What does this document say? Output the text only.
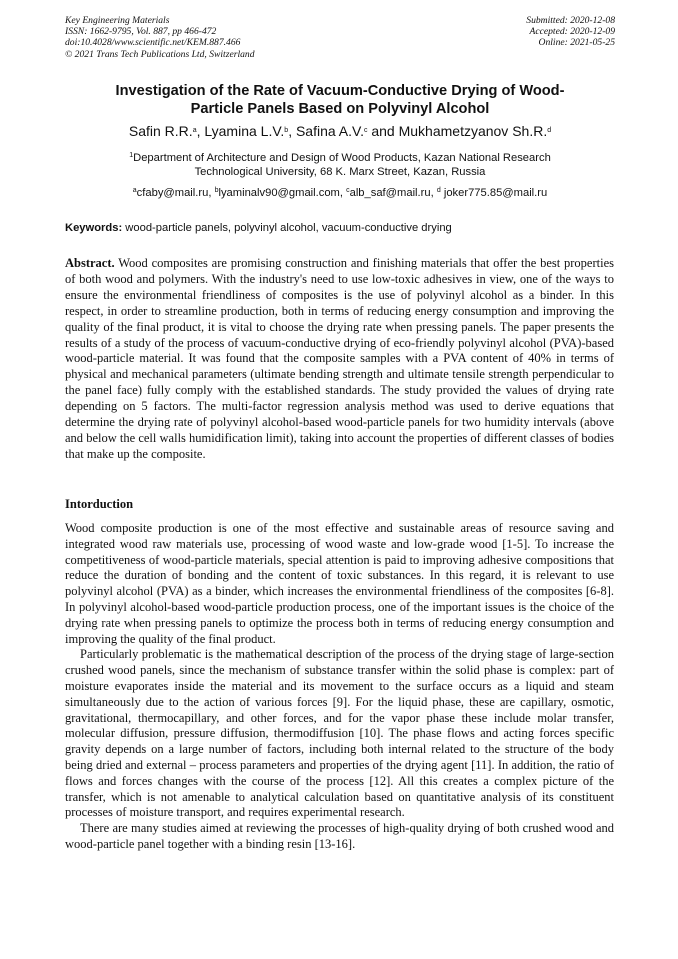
Key Engineering Materials
ISSN: 1662-9795, Vol. 887, pp 466-472
doi:10.4028/www.scientific.net/KEM.887.466
© 2021 Trans Tech Publications Ltd, Switzerland
Submitted: 2020-12-08
Accepted: 2020-12-09
Online: 2021-05-25
Investigation of the Rate of Vacuum-Conductive Drying of Wood-
Particle Panels Based on Polyvinyl Alcohol
Safin R.R.$^a$, Lyamina L.V.$^b$, Safina A.V.$^c$ and Mukhametzyanov Sh.R.$^d$
$^1$Department of Architecture and Design of Wood Products, Kazan National Research
Technological University, 68 K. Marx Street, Kazan, Russia
$^a$cfaby@mail.ru, $^b$lyaminalv90@gmail.com, $^c$alb_saf@mail.ru, $^d$ joker775.85@mail.ru
Keywords: wood-particle panels, polyvinyl alcohol, vacuum-conductive drying
Abstract. Wood composites are promising construction and finishing materials that offer the best properties of both wood and polymers. With the industry's need to use low-toxic adhesives in view, one of the ways to ensure the environmental friendliness of composites is the use of polyvinyl alcohol as a binder. In this respect, in order to streamline production, both in terms of reducing energy consumption and improving the quality of the final product, it is vital to choose the drying rate when pressing panels. The paper presents the results of a study of the process of vacuum-conductive drying of eco-friendly polyvinyl alcohol (PVA)-based wood-particle material. It was found that the composite samples with a PVA content of 40% in terms of physical and mechanical parameters (ultimate bending strength and ultimate tensile strength perpendicular to the panel face) fully comply with the established standards. The study provided the values of drying rate depending on 5 factors. The multi-factor regression analysis method was used to derive equations that determine the drying rate of polyvinyl alcohol-based wood-particle panels for two humidity intervals (above and below the cell walls humidification limit), taking into account the properties of different classes of bodies that make up the composite.
Intorduction

Wood composite production is one of the most effective and sustainable areas of resource saving and integrated wood raw materials use, processing of wood waste and low-grade wood [1-5]. To increase the competitiveness of wood-particle materials, special attention is paid to improving adhesive compositions that reduce the duration of bonding and the content of toxic substances. In this regard, it is relevant to use polyvinyl alcohol (PVA) as a binder, which increases the environmental friendliness of the composites [6-8]. In polyvinyl alcohol-based wood-particle production process, one of the important issues is the choice of the drying rate when pressing panels to optimize the process both in terms of reducing energy consumption and improving the quality of the final product.

Particularly problematic is the mathematical description of the process of the drying stage of large-section crushed wood panels, since the mechanism of substance transfer within the solid phase is complex: part of moisture evaporates inside the material and its movement to the surface occurs as a liquid and steam simultaneously due to the action of various forces [9]. For the liquid phase, these are capillary, osmotic, gravitational, thermocapillary, and other forces, and for the vapor phase these include molar transfer, molecular diffusion, pressure diffusion, thermodiffusion [10]. The phase flows and acting forces specific gravity depends on a large number of factors, including both internal related to the structure of the body being dried and external – process parameters and properties of the drying agent [11]. In addition, the ratio of flows and forces changes with the course of the process [12]. All this creates a complex picture of the transfer, which is not amenable to analytical calculation based on quantitative analysis of its constituent processes of moisture transport, and requires experimental research.

There are many studies aimed at reviewing the processes of high-quality drying of both crushed wood and wood-particle panel together with a binding resin [13-16].
